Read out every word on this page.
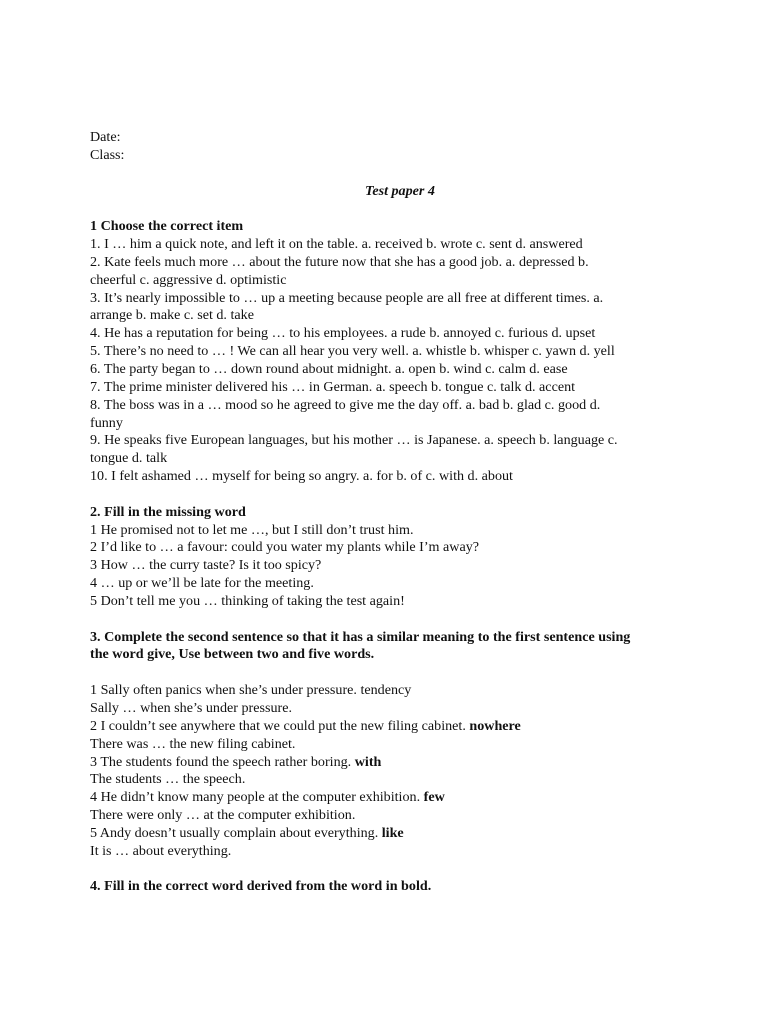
Date:
Class:
Test paper 4
1 Choose the correct item
1. I … him a quick note, and left it on the table. a. received b. wrote c. sent d. answered
2. Kate feels much more … about the future now that she has a good job. a. depressed b.
cheerful c. aggressive d. optimistic
3. It’s nearly impossible to … up a meeting because people are all free at different times. a.
arrange b. make c. set d. take
4. He has a reputation for being … to his employees. a rude b. annoyed c. furious d. upset
5. There’s no need to … ! We can all hear you very well. a. whistle b. whisper c. yawn d. yell
6. The party began to … down round about midnight. a. open b. wind c. calm d. ease
7. The prime minister delivered his … in German. a. speech b. tongue c. talk d. accent
8. The boss was in a … mood so he agreed to give me the day off. a. bad b. glad c. good d.
funny
9. He speaks five European languages, but his mother … is Japanese. a. speech b. language c.
tongue d. talk
10. I felt ashamed … myself for being so angry. a. for b. of c. with d. about
2. Fill in the missing word
1 He promised not to let me …, but I still don’t trust him.
2 I’d like to … a favour: could you water my plants while I’m away?
3 How … the curry taste? Is it too spicy?
4 … up or we’ll be late for the meeting.
5 Don’t tell me you … thinking of taking the test again!
3. Complete the second sentence so that it has a similar meaning to the first sentence using
the word give, Use between two and five words.
1 Sally often panics when she’s under pressure. tendency
Sally … when she’s under pressure.
2 I couldn’t see anywhere that we could put the new filing cabinet. nowhere
There was … the new filing cabinet.
3 The students found the speech rather boring. with
The students … the speech.
4 He didn’t know many people at the computer exhibition. few
There were only … at the computer exhibition.
5 Andy doesn’t usually complain about everything. like
It is … about everything.
4. Fill in the correct word derived from the word in bold.
